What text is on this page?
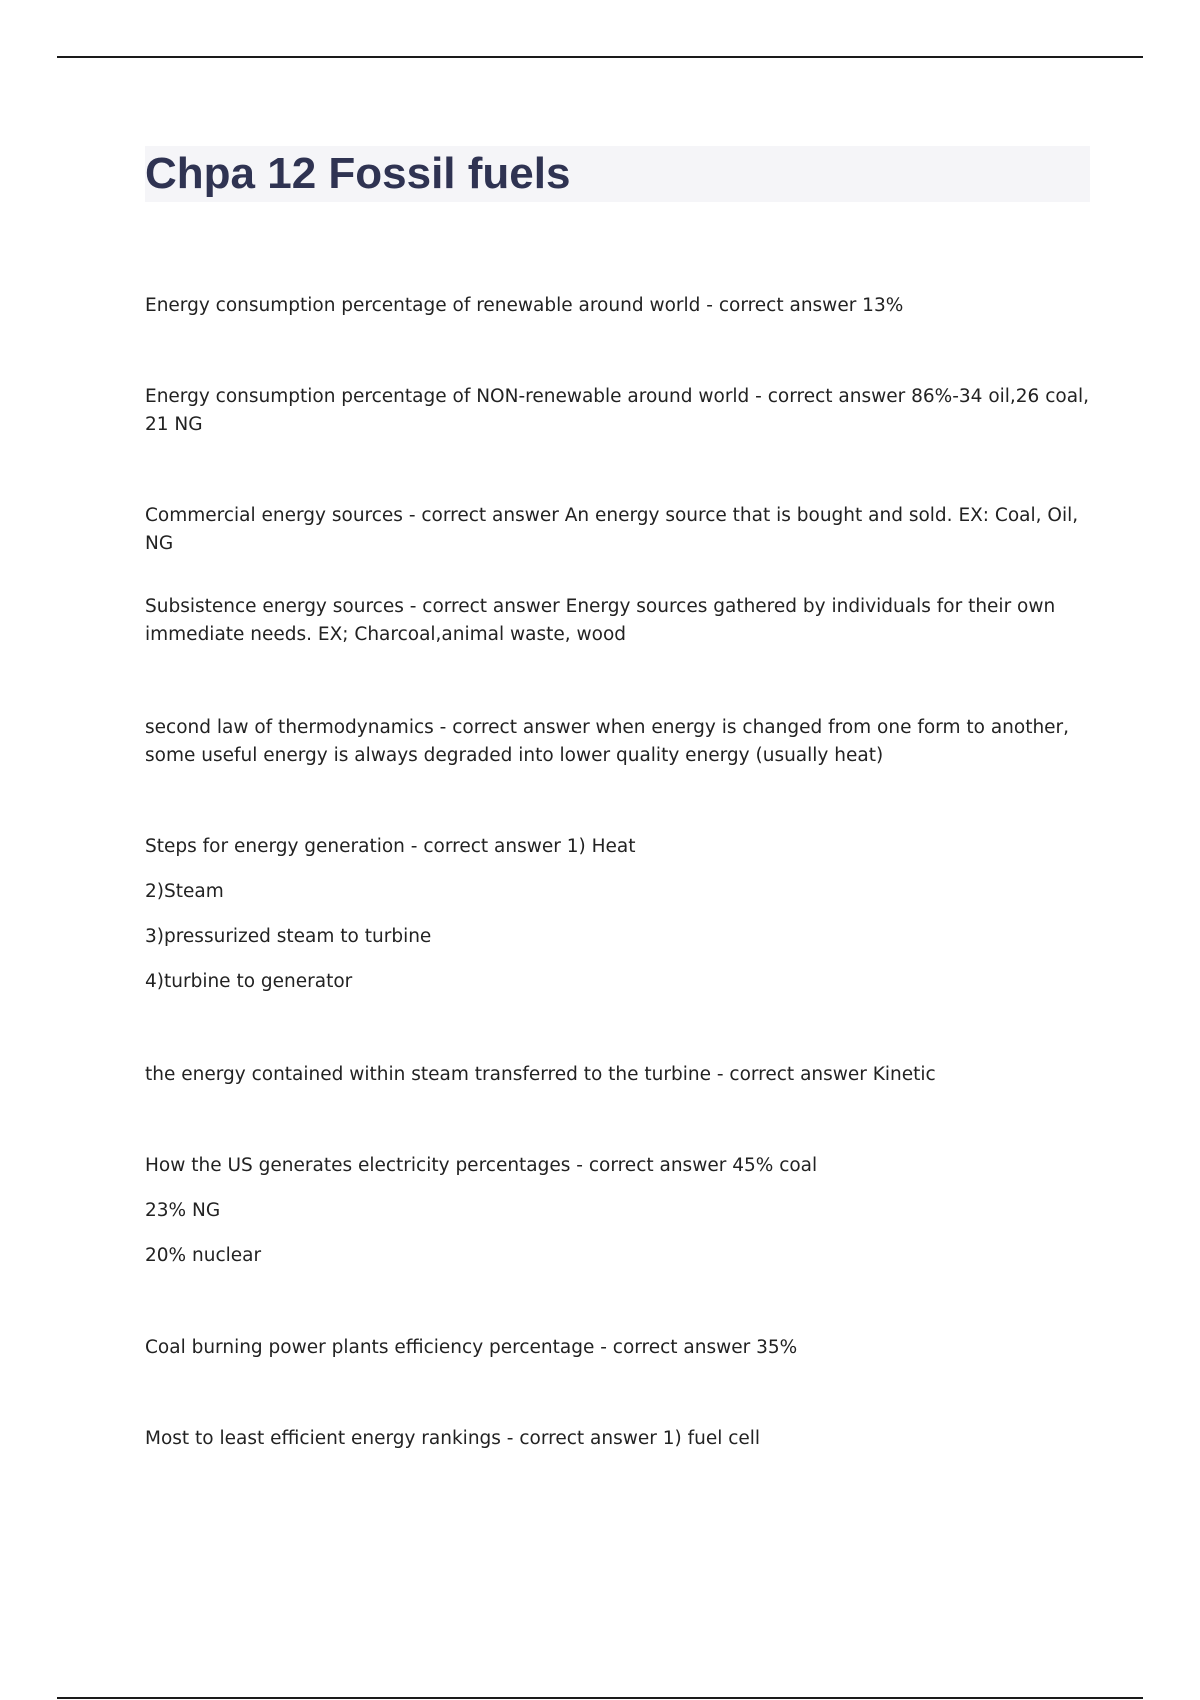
Chpa 12 Fossil fuels

Energy consumption percentage of renewable around world - correct answer 13%

Energy consumption percentage of NON-renewable around world - correct answer 86%-34 oil,26 coal, 21 NG

Commercial energy sources - correct answer An energy source that is bought and sold. EX: Coal, Oil, NG

Subsistence energy sources - correct answer Energy sources gathered by individuals for their own immediate needs. EX; Charcoal,animal waste, wood

second law of thermodynamics - correct answer when energy is changed from one form to another, some useful energy is always degraded into lower quality energy (usually heat)

Steps for energy generation - correct answer 1) Heat

2)Steam

3)pressurized steam to turbine

4)turbine to generator

the energy contained within steam transferred to the turbine - correct answer Kinetic

How the US generates electricity percentages - correct answer 45% coal

23% NG

20% nuclear

Coal burning power plants efficiency percentage - correct answer 35%

Most to least efficient energy rankings - correct answer 1) fuel cell
